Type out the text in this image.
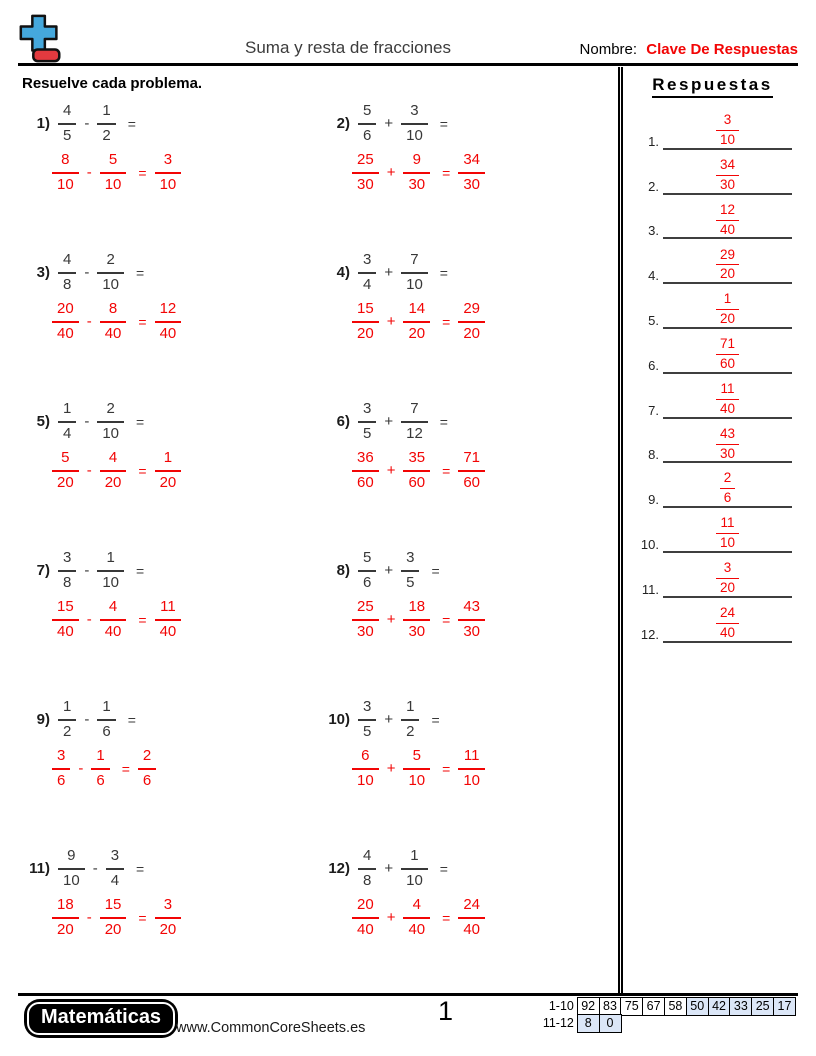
Suma y resta de fracciones	Nombre: Clave De Respuestas
Resuelve cada problema.
$1) \frac{4}{5} - \frac{1}{2}$ =
$\frac{8}{10} - \frac{5}{10} = \frac{3}{10}$
$2) \frac{5}{6} + \frac{3}{10}$ =
$\frac{25}{30} + \frac{9}{30} = \frac{34}{30}$
$3) \frac{4}{8} - \frac{2}{10}$ =
$\frac{20}{40} - \frac{8}{40} = \frac{12}{40}$
$4) \frac{3}{4} + \frac{7}{10}$ =
$\frac{15}{20} + \frac{14}{20} = \frac{29}{20}$
$5) \frac{1}{4} - \frac{2}{10}$ =
$\frac{5}{20} - \frac{4}{20} = \frac{1}{20}$
$6) \frac{3}{5} + \frac{7}{12}$ =
$\frac{36}{60} + \frac{35}{60} = \frac{71}{60}$
$7) \frac{3}{8} - \frac{1}{10}$ =
$\frac{15}{40} - \frac{4}{40} = \frac{11}{40}$
$8) \frac{5}{6} + \frac{3}{5}$ =
$\frac{25}{30} + \frac{18}{30} = \frac{43}{30}$
$9) \frac{1}{2} - \frac{1}{6}$ =
$\frac{3}{6} - \frac{1}{6} = \frac{2}{6}$
$10) \frac{3}{5} + \frac{1}{2}$ =
$\frac{6}{10} + \frac{5}{10} = \frac{11}{10}$
$11) \frac{9}{10} - \frac{3}{4}$ =
$\frac{18}{20} - \frac{15}{20} = \frac{3}{20}$
$12) \frac{4}{8} + \frac{1}{10}$ =
$\frac{20}{40} + \frac{4}{40} = \frac{24}{40}$
Respuestas
1.	$\frac{3}{10}$
2.	$\frac{34}{30}$
3.	$\frac{12}{40}$
4.	$\frac{29}{20}$
5.	$\frac{1}{20}$
6.	$\frac{71}{60}$
7.	$\frac{11}{40}$
8.	$\frac{43}{30}$
9.	$\frac{2}{6}$
10.	$\frac{11}{10}$
11.	$\frac{3}{20}$
12.	$\frac{24}{40}$
Matemáticas	www.CommonCoreSheets.es
1	1-10 92 83 75 67 58 50 42 33 25 17
11-12 8	0
